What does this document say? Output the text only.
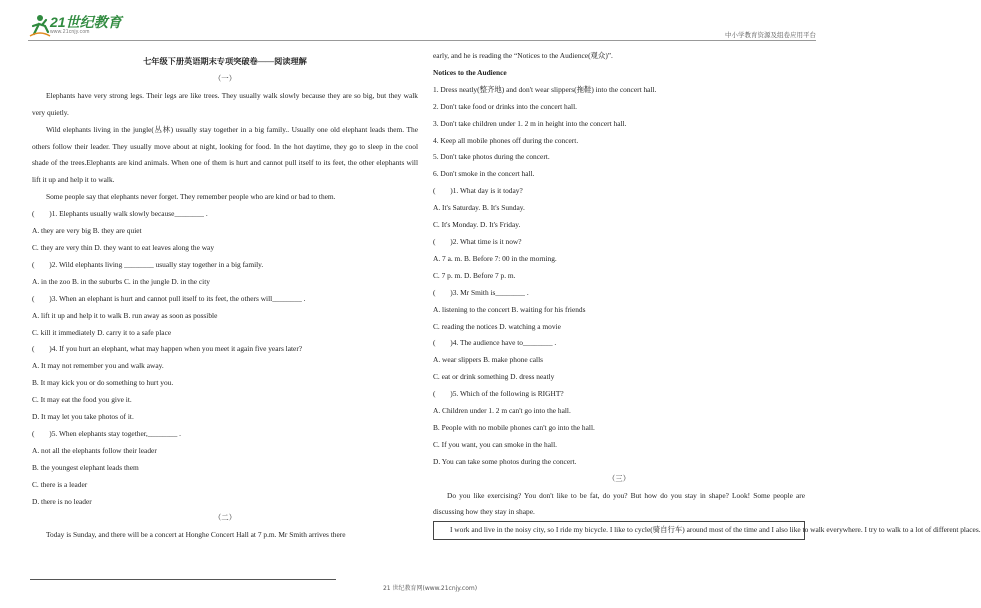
21世纪教育
www.21cnjy.com	中小学教育资源及组卷应用平台

七年级下册英语期末专项突破卷——阅读理解

（一）

Elephants have very strong legs. Their legs are like trees. They usually walk slowly because they are so big, but they walk very quietly.

Wild elephants living in the jungle(丛林) usually stay together in a big family.. Usually one old elephant leads them. The others follow their leader. They usually move about at night, looking for food. In the hot daytime, they go to sleep in the cool shade of the trees.Elephants are kind animals. When one of them is hurt and cannot pull itself to its feet, the other elephants will lift it up and help it to walk.

Some people say that elephants never forget. They remember people who are kind or bad to them.

(　　)1. Elephants usually walk slowly because________ .

A. they are very big B. they are quiet

C. they are very thin D. they want to eat leaves along the way

(　　)2. Wild elephants living ________ usually stay together in a big family.

A. in the zoo B. in the suburbs C. in the jungle D. in the city

(　　)3. When an elephant is hurt and cannot pull itself to its feet, the others will________ .

A. lift it up and help it to walk B. run away as soon as possible

C. kill it immediately D. carry it to a safe place

(　　)4. If you hurt an elephant, what may happen when you meet it again five years later?

A. It may not remember you and walk away.

B. It may kick you or do something to hurt you.

C. It may eat the food you give it.

D. It may let you take photos of it.

(　　)5. When elephants stay together,________ .

A. not all the elephants follow their leader

B. the youngest elephant leads them

C. there is a leader

D. there is no leader

（二）

Today is Sunday, and there will be a concert at Honghe Concert Hall at 7 p.m. Mr Smith arrives there

early, and he is reading the “Notices to the Audience(观众)”.

Notices to the Audience

1. Dress neatly(整齐地) and don't wear slippers(拖鞋) into the concert hall.

2. Don't take food or drinks into the concert hall.

3. Don't take children under 1. 2 m in height into the concert hall.

4. Keep all mobile phones off during the concert.

5. Don't take photos during the concert.

6. Don't smoke in the concert hall.

(　　)1. What day is it today?

A. It's Saturday. B. It's Sunday.

C. It's Monday. D. It's Friday.

(　　)2. What time is it now?

A. 7 a. m. B. Before 7: 00 in the morning.

C. 7 p. m. D. Before 7 p. m.

(　　)3. Mr Smith is________ .

A. listening to the concert B. waiting for his friends

C. reading the notices D. watching a movie

(　　)4. The audience have to________ .

A. wear slippers B. make phone calls

C. eat or drink something D. dress neatly

(　　)5. Which of the following is RIGHT?

A. Children under 1. 2 m can't go into the hall.

B. People with no mobile phones can't go into the hall.

C. If you want, you can smoke in the hall.

D. You can take some photos during the concert.

（三）

Do you like exercising? You don't like to be fat, do you? But how do you stay in shape? Look! Some people are discussing how they stay in shape.

I work and live in the noisy city, so I ride my bicycle. I like to cycle(骑自行车) around most of the time and I also like to walk everywhere. I try to walk to a lot of different places.

21 世纪教育网(www.21cnjy.com)
